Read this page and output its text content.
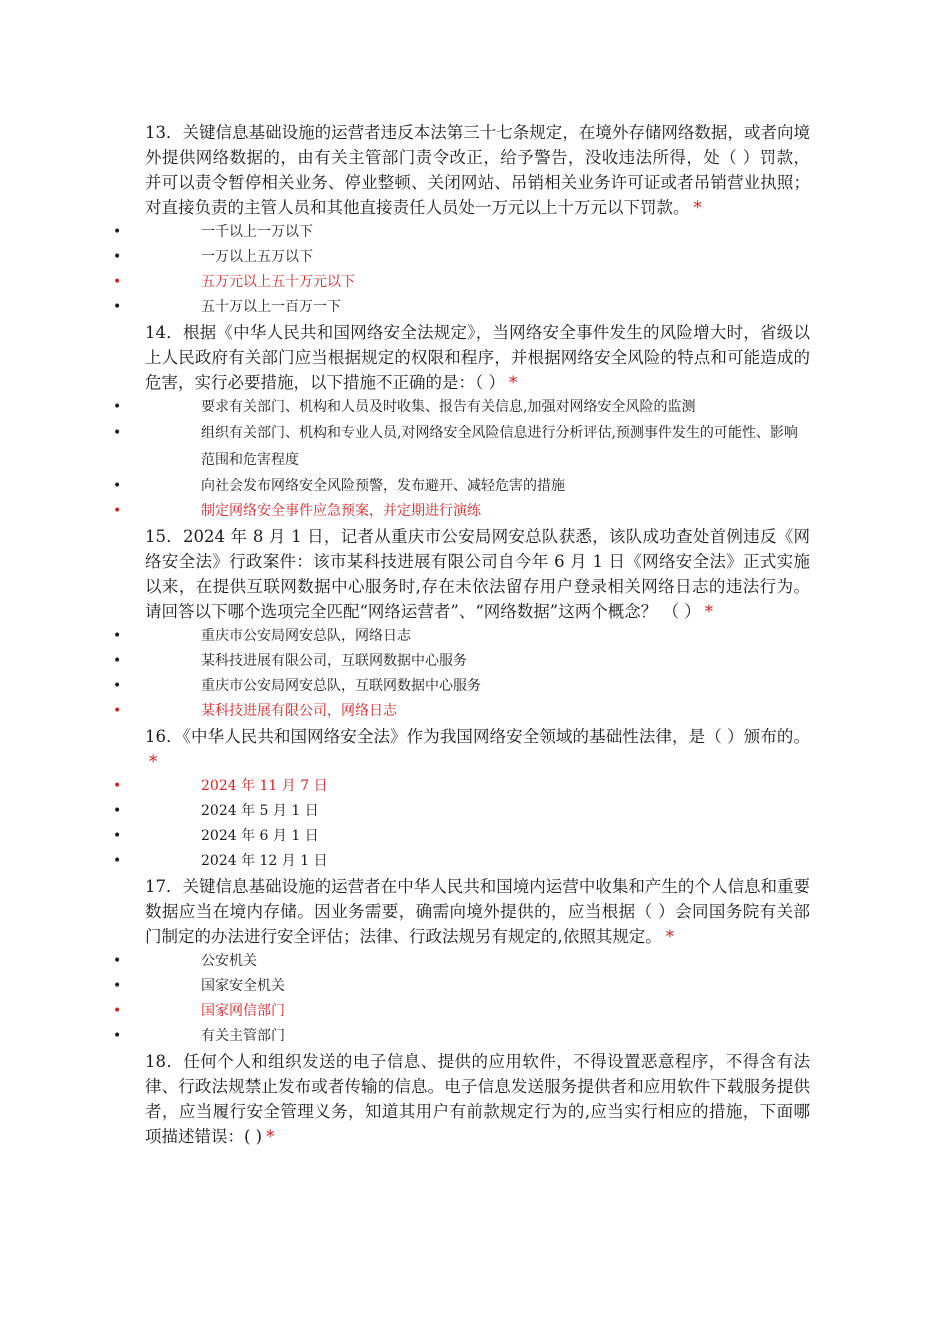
13．关键信息基础设施的运营者违反本法第三十七条规定，在境外存储网络数据，或者向境外提供网络数据的，由有关主管部门责令改正，给予警告，没收违法所得，处（ ）罚款，并可以责令暂停相关业务、停业整顿、关闭网站、吊销相关业务许可证或者吊销营业执照；对直接负责的主管人员和其他直接责任人员处一万元以上十万元以下罚款。 *
•	一千以上一万以下
•	一万以上五万以下
•	五万元以上五十万元以下
•	五十万以上一百万一下
14．根据《中华人民共和国网络安全法规定》，当网络安全事件发生的风险增大时，省级以上人民政府有关部门应当根据规定的权限和程序，并根据网络安全风险的特点和可能造成的危害，实行必要措施，以下措施不正确的是：（ ） *
•	要求有关部门、机构和人员及时收集、报告有关信息,加强对网络安全风险的监测
•	组织有关部门、机构和专业人员,对网络安全风险信息进行分析评估,预测事件发生的可能性、影响范围和危害程度
•	向社会发布网络安全风险预警，发布避开、减轻危害的措施
•	制定网络安全事件应急预案，并定期进行演练
15．2024 年 8 月 1 日，记者从重庆市公安局网安总队获悉，该队成功查处首例违反《网络安全法》行政案件：该市某科技进展有限公司自今年 6 月 1 日《网络安全法》正式实施以来，在提供互联网数据中心服务时,存在未依法留存用户登录相关网络日志的违法行为。请回答以下哪个选项完全匹配“网络运营者”、“网络数据”这两个概念？ （ ） *
•	重庆市公安局网安总队，网络日志
•	某科技进展有限公司，互联网数据中心服务
•	重庆市公安局网安总队，互联网数据中心服务
•	某科技进展有限公司，网络日志
16．《中华人民共和国网络安全法》作为我国网络安全领域的基础性法律，是（ ）颁布的。*
•	2024 年 11 月 7 日
•	2024 年 5 月 1 日
•	2024 年 6 月 1 日
•	2024 年 12 月 1 日
17．关键信息基础设施的运营者在中华人民共和国境内运营中收集和产生的个人信息和重要数据应当在境内存储。因业务需要，确需向境外提供的，应当根据（ ）会同国务院有关部门制定的办法进行安全评估；法律、行政法规另有规定的,依照其规定。 *
•	公安机关
•	国家安全机关
•	国家网信部门
•	有关主管部门
18．任何个人和组织发送的电子信息、提供的应用软件，不得设置恶意程序，不得含有法律、行政法规禁止发布或者传输的信息。电子信息发送服务提供者和应用软件下载服务提供者，应当履行安全管理义务，知道其用户有前款规定行为的,应当实行相应的措施，下面哪项描述错误：( ) *
